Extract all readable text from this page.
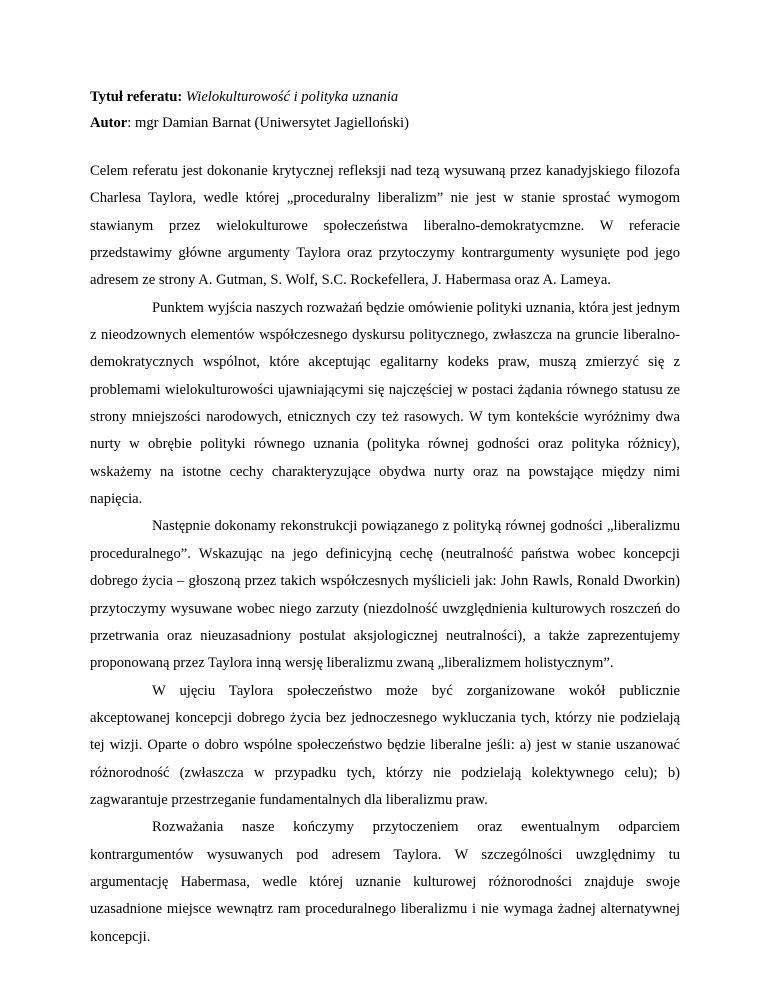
Tytuł referatu: Wielokulturowość i polityka uznania

Autor: mgr Damian Barnat (Uniwersytet Jagielloński)

Celem referatu jest dokonanie krytycznej refleksji nad tezą wysuwaną przez kanadyjskiego filozofa Charlesa Taylora, wedle której „proceduralny liberalizm” nie jest w stanie sprostać wymogom stawianym przez wielokulturowe społeczeństwa liberalno-demokratycmzne. W referacie przedstawimy główne argumenty Taylora oraz przytoczymy kontrargumenty wysunięte pod jego adresem ze strony A. Gutman, S. Wolf, S.C. Rockefellera, J. Habermasa oraz A. Lameya.

Punktem wyjścia naszych rozważań będzie omówienie polityki uznania, która jest jednym z nieodzownych elementów współczesnego dyskursu politycznego, zwłaszcza na gruncie liberalno-demokratycznych wspólnot, które akceptując egalitarny kodeks praw, muszą zmierzyć się z problemami wielokulturowości ujawniającymi się najczęściej w postaci żądania równego statusu ze strony mniejszości narodowych, etnicznych czy też rasowych. W tym kontekście wyróżnimy dwa nurty w obrębie polityki równego uznania (polityka równej godności oraz polityka różnicy), wskażemy na istotne cechy charakteryzujące obydwa nurty oraz na powstające między nimi napięcia.

Następnie dokonamy rekonstrukcji powiązanego z polityką równej godności „liberalizmu proceduralnego”. Wskazując na jego definicyjną cechę (neutralność państwa wobec koncepcji dobrego życia – głoszoną przez takich współczesnych myślicieli jak: John Rawls, Ronald Dworkin) przytoczymy wysuwane wobec niego zarzuty (niezdolność uwzględnienia kulturowych roszczeń do przetrwania oraz nieuzasadniony postulat aksjologicznej neutralności), a także zaprezentujemy proponowaną przez Taylora inną wersję liberalizmu zwaną „liberalizmem holistycznym”.

W ujęciu Taylora społeczeństwo może być zorganizowane wokół publicznie akceptowanej koncepcji dobrego życia bez jednoczesnego wykluczania tych, którzy nie podzielają tej wizji. Oparte o dobro wspólne społeczeństwo będzie liberalne jeśli: a) jest w stanie uszanować różnorodność (zwłaszcza w przypadku tych, którzy nie podzielają kolektywnego celu); b) zagwarantuje przestrzeganie fundamentalnych dla liberalizmu praw.

Rozważania nasze kończymy przytoczeniem oraz ewentualnym odparciem kontrargumentów wysuwanych pod adresem Taylora. W szczególności uwzględnimy tu argumentację Habermasa, wedle której uznanie kulturowej różnorodności znajduje swoje uzasadnione miejsce wewnątrz ram proceduralnego liberalizmu i nie wymaga żadnej alternatywnej koncepcji.
